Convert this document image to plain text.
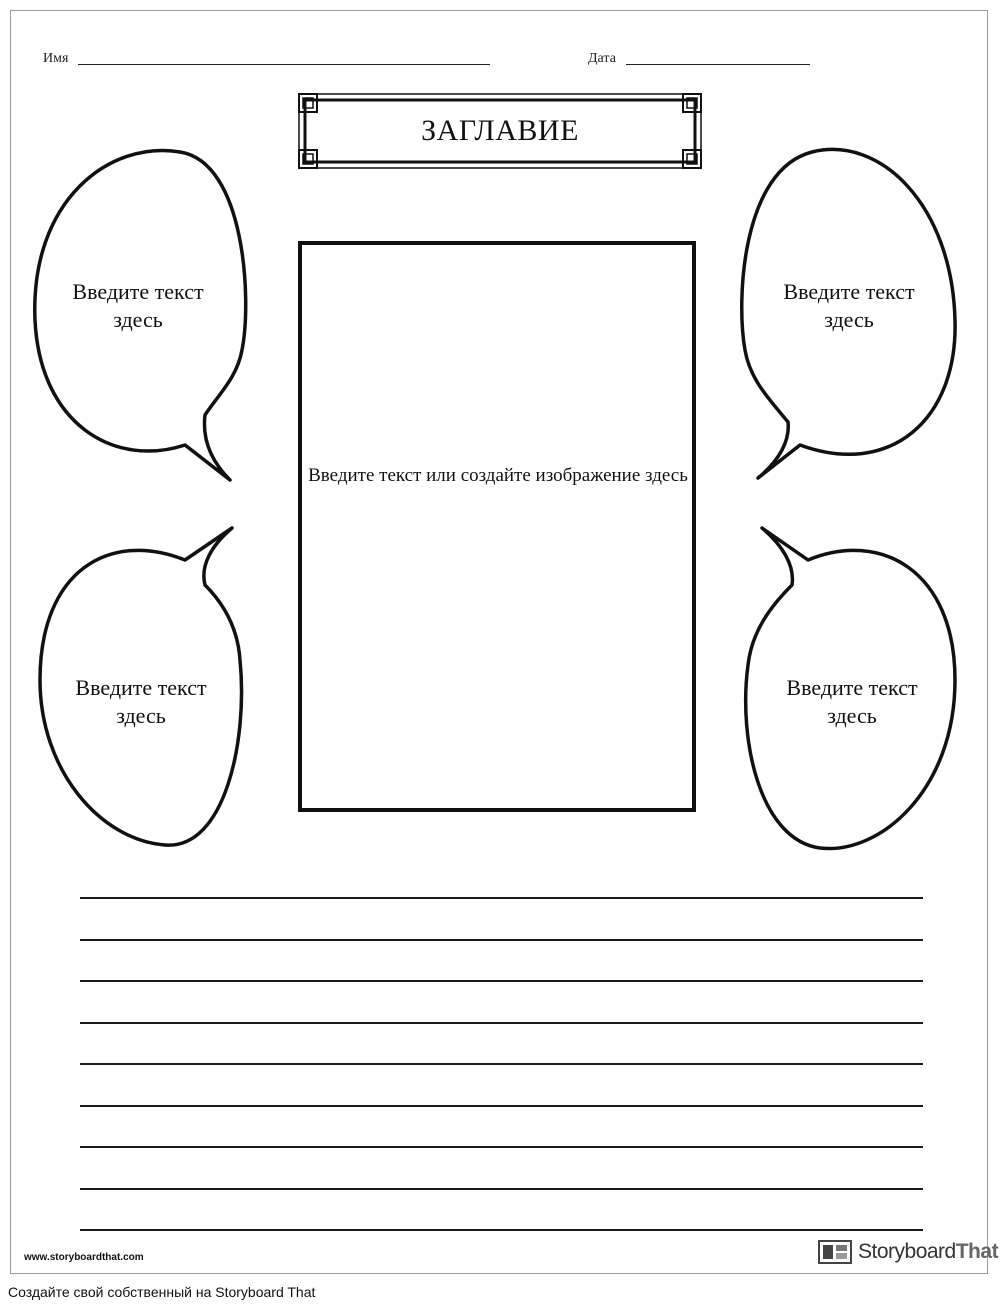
Имя	Дата
ЗАГЛАВИЕ
Введите текст здесь
Введите текст здесь
Введите текст здесь
Введите текст здесь
Введите текст или создайте изображение здесь
www.storyboardthat.com	StoryboardThat
Создайте свой собственный на Storyboard That
